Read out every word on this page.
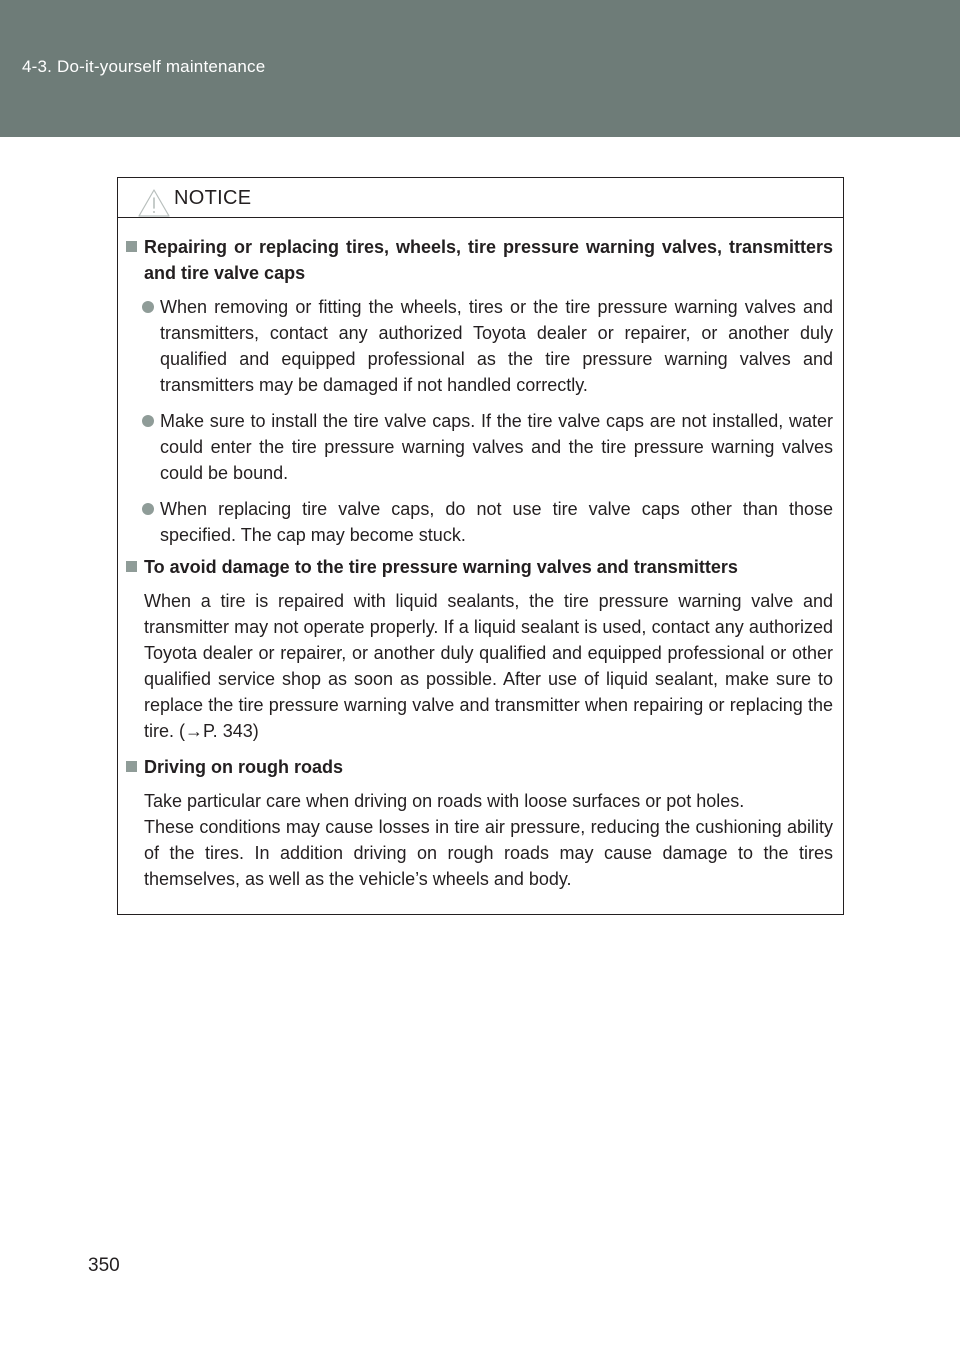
4-3. Do-it-yourself maintenance
NOTICE
Repairing or replacing tires, wheels, tire pressure warning valves, transmitters and tire valve caps
When removing or fitting the wheels, tires or the tire pressure warning valves and transmitters, contact any authorized Toyota dealer or repairer, or another duly qualified and equipped professional as the tire pressure warning valves and transmitters may be damaged if not handled correctly.
Make sure to install the tire valve caps. If the tire valve caps are not installed, water could enter the tire pressure warning valves and the tire pressure warning valves could be bound.
When replacing tire valve caps, do not use tire valve caps other than those specified. The cap may become stuck.
To avoid damage to the tire pressure warning valves and transmitters
When a tire is repaired with liquid sealants, the tire pressure warning valve and transmitter may not operate properly. If a liquid sealant is used, contact any authorized Toyota dealer or repairer, or another duly qualified and equipped professional or other qualified service shop as soon as possible. After use of liquid sealant, make sure to replace the tire pressure warning valve and transmitter when repairing or replacing the tire. (→P. 343)
Driving on rough roads
Take particular care when driving on roads with loose surfaces or pot holes.
These conditions may cause losses in tire air pressure, reducing the cushioning ability of the tires. In addition driving on rough roads may cause damage to the tires themselves, as well as the vehicle’s wheels and body.
350
